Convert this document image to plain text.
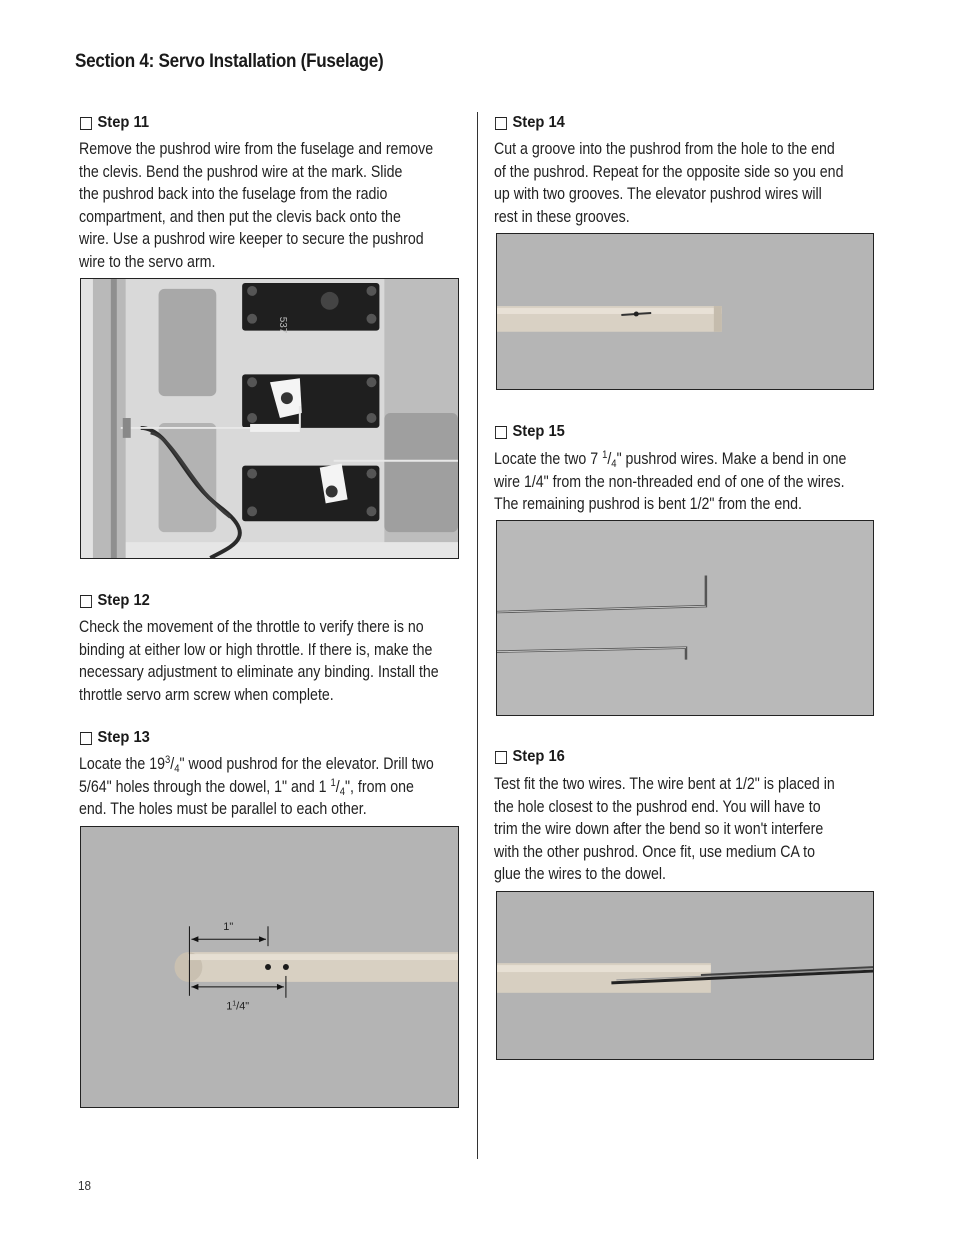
Section 4: Servo Installation (Fuselage)
Step 11
Remove the pushrod wire from the fuselage and remove
the clevis. Bend the pushrod wire at the mark. Slide
the pushrod back into the fuselage from the radio
compartment, and then put the clevis back onto the
wire. Use a pushrod wire keeper to secure the pushrod
wire to the servo arm.
537
Step 12
Check the movement of the throttle to verify there is no
binding at either low or high throttle. If there is, make the
necessary adjustment to eliminate any binding. Install the
throttle servo arm screw when complete.
Step 13
Locate the $19^3/_4$" wood pushrod for the elevator. Drill two
5/64" holes through the dowel, 1" and 1 $^1/_4$", from one
end. The holes must be parallel to each other.
1"
$1^1/4$"
Step 14
Cut a groove into the pushrod from the hole to the end
of the pushrod. Repeat for the opposite side so you end
up with two grooves. The elevator pushrod wires will
rest in these grooves.
Step 15
Locate the two 7 $^1/_4$" pushrod wires. Make a bend in one
wire 1/4" from the non-threaded end of one of the wires.
The remaining pushrod is bent 1/2" from the end.
Step 16
Test fit the two wires. The wire bent at 1/2" is placed in
the hole closest to the pushrod end. You will have to
trim the wire down after the bend so it won't interfere
with the other pushrod. Once fit, use medium CA to
glue the wires to the dowel.
18
